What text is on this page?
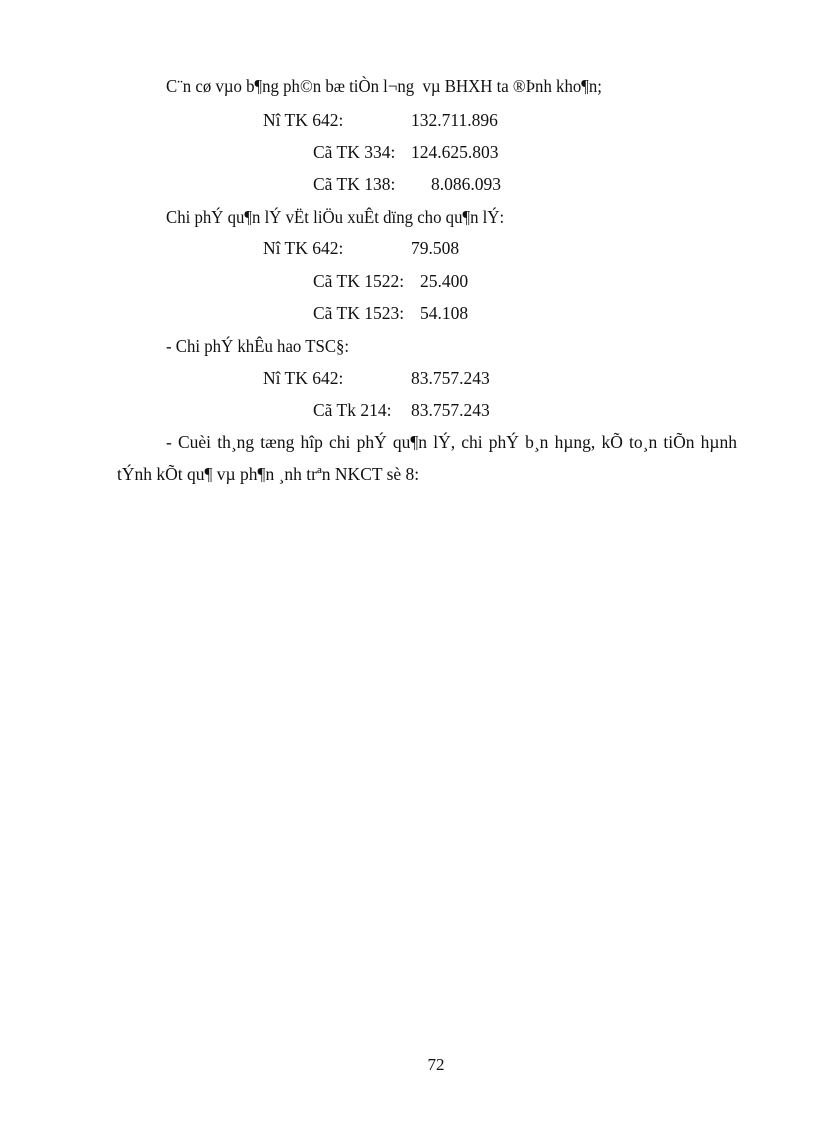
C¨n cø vµo b¶ng ph©n bæ tiÒn l¬ng  vµ BHXH ta ®Þnh kho¶n;
Nî TK 642:	132.711.896
Cã TK 334: 124.625.803
Cã TK 138: 8.086.093
Chi phÝ qu¶n lÝ vËt liÖu xuÊt dïng cho qu¶n lÝ:
Nî TK 642:	79.508
Cã TK 1522: 25.400
Cã TK 1523: 54.108
- Chi phÝ khÊu hao TSC§:
Nî TK 642:	83.757.243
Cã Tk 214: 83.757.243
- Cuèi th¸ng tæng hîp chi phÝ qu¶n lÝ, chi phÝ b¸n hµng, kÕ to¸n tiÕn hµnh tÝnh kÕt qu¶ vµ ph¶n ¸nh trªn NKCT sè 8:
72
